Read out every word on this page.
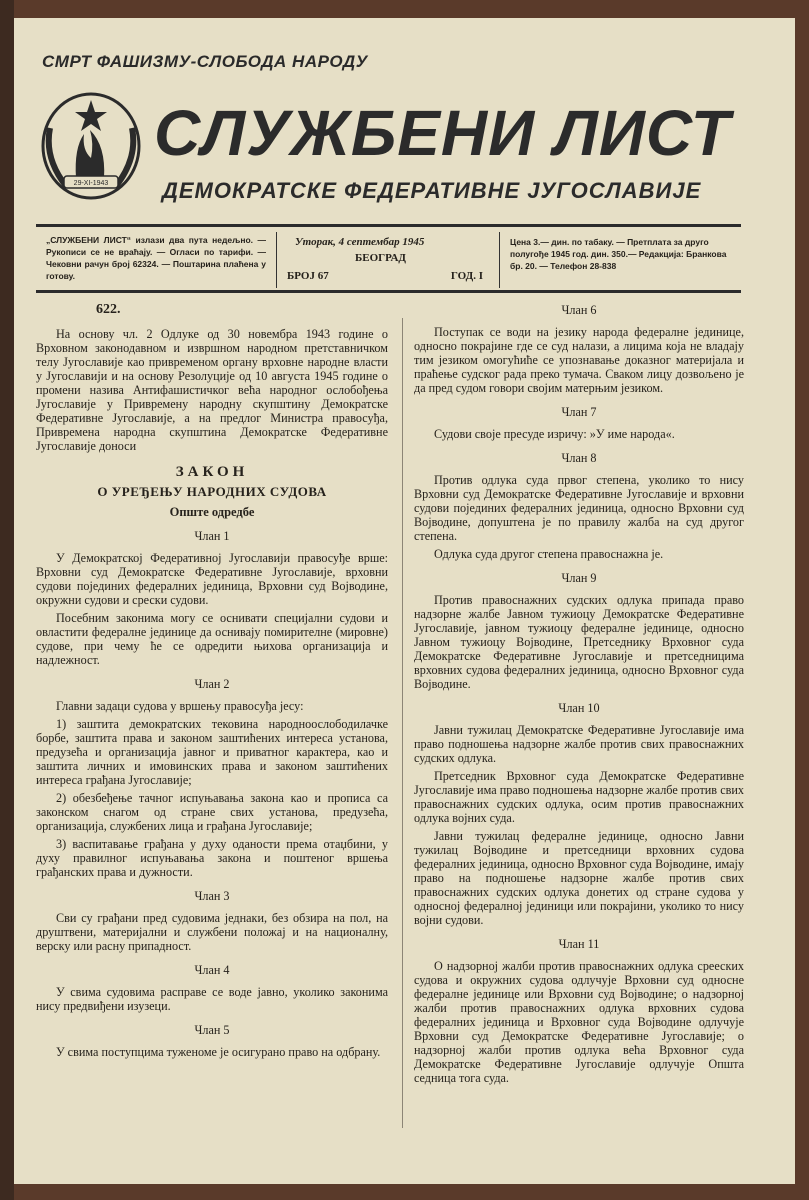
СМРТ ФАШИЗМУ-СЛОБОДА НАРОДУ
29-XI-1943
СЛУЖБЕНИ ЛИСТ
ДЕМОКРАТСКЕ ФЕДЕРАТИВНЕ ЈУГОСЛАВИЈЕ
„СЛУЖБЕНИ ЛИСТ“ излази два пута недељно. — Рукописи се не враћају. — Огласи по тарифи. — Чековни рачун број 62324. — Поштарина плаћена у готову.
Уторак, 4 септембар 1945
БЕОГРАД
БРОЈ 67	ГОД. I
Цена 3.— дин. по табаку. — Претплата за друго полугође 1945 год. дин. 350.— Редакција: Бранкова бр. 20. — Телефон 28-838

622.

На основу чл. 2 Одлуке од 30 новембра 1943 године о Врховном законодавном и извршном народном претставничком телу Југославије као привременом органу врховне народне власти у Југославији и на основу Резолуције од 10 августа 1945 године о промени назива Антифашистичког већа народног ослобођења Југославије у Привремену народну скупштину Демократске Федеративне Југославије, а на предлог Министра правосуђа, Привремена народна скупштина Демократске Федеративне Југославије доноси

ЗАКОН

О УРЕЂЕЊУ НАРОДНИХ СУДОВА

Опште одредбе

Члан 1

У Демократској Федеративној Југославији правосуђе врше: Врховни суд Демократске Федеративне Југославије, врховни судови појединих федералних јединица, Врховни суд Војводине, окружни судови и срески судови.

Посебним законима могу се оснивати специјални судови и овластити федералне јединице да оснивају помирителне (мировне) судове, при чему ће се одредити њихова организација и надлежност.

Члан 2

Главни задаци судова у вршењу правосуђа јесу:

1) заштита демократских тековина народноослободилачке борбе, заштита права и законом заштићених интереса установа, предузећа и организација јавног и приватног карактера, као и заштита личних и имовинских права и законом заштићених интереса грађана Југославије;

2) обезбеђење тачног испуњавања закона као и прописа са законском снагом од стране свих установа, предузећа, организација, службених лица и грађана Југославије;

3) васпитавање грађана у духу оданости према отаџбини, у духу правилног испуњавања закона и поштеног вршења грађанских права и дужности.

Члан 3

Сви су грађани пред судовима једнаки, без обзира на пол, на друштвени, материјални и службени положај и на националну, верску или расну припадност.

Члан 4

У свима судовима расправе се воде јавно, уколико законима нису предвиђени изузеци.

Члан 5

У свима поступцима туженоме је осигурано право на одбрану.

Члан 6

Поступак се води на језику народа федералне јединице, односно покрајине где се суд налази, а лицима која не владају тим језиком омогућиће се упознавање доказног материјала и праћење судског рада преко тумача. Сваком лицу дозвољено је да пред судом говори својим матерњим језиком.

Члан 7

Судови своје пресуде изричу: »У име народа«.

Члан 8

Против одлука суда првог степена, уколико то нису Врховни суд Демократске Федеративне Југославије и врховни судови појединих федералних јединица, односно Врховни суд Војводине, допуштена је по правилу жалба на суд другог степена.

Одлука суда другог степена правоснажна је.

Члан 9

Против правоснажних судских одлука припада право надзорне жалбе Јавном тужиоцу Демократске Федеративне Југославије, јавном тужиоцу федералне јединице, односно Јавном тужиоцу Војводине, Претседнику Врховног суда Демократске Федеративне Југославије и претседницима врховних судова федералних јединица, односно Врховног суда Војводине.

Члан 10

Јавни тужилац Демократске Федеративне Југославије има право подношења надзорне жалбе против свих правоснажних судских одлука.

Претседник Врховног суда Демократске Федеративне Југославије има право подношења надзорне жалбе против свих правоснажних судских одлука, осим против правоснажних одлука војних суда.

Јавни тужилац федералне јединице, односно Јавни тужилац Војводине и претседници врховних судова федералних јединица, односно Врховног суда Војводине, имају право на подношење надзорне жалбе против свих правоснажних судских одлука донетих од стране судова у односној федералној јединици или покрајини, уколико то нису војни судови.

Члан 11

О надзорној жалби против правоснажних одлука срееских судова и окружних судова одлучује Врховни суд односне федералне јединице или Врховни суд Војводине; о надзорној жалби против правоснажних одлука врховних судова федералних јединица и Врховног суда Војводине одлучује Врховни суд Демократске Федеративне Југославије; о надзорној жалби против одлука већа Врховног суда Демократске Федеративне Југославије одлучује Општа седница тога суда.
